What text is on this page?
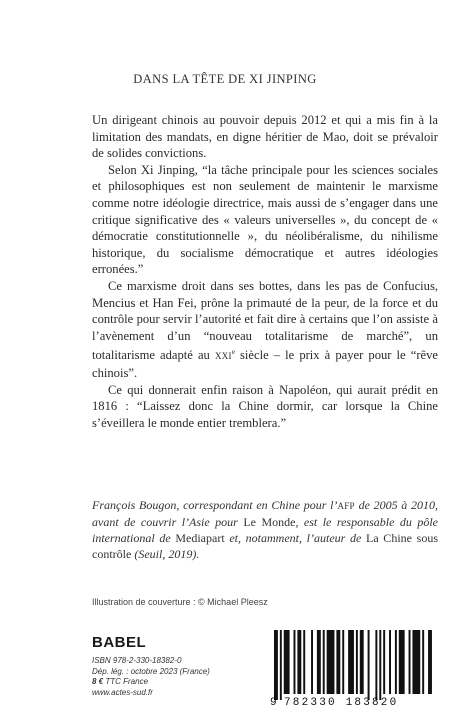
DANS LA TÊTE DE XI JINPING

Un dirigeant chinois au pouvoir depuis 2012 et qui a mis fin à la limitation des mandats, en digne héritier de Mao, doit se prévaloir de solides convictions.

Selon Xi Jinping, “la tâche principale pour les sciences sociales et philosophiques est non seulement de maintenir le marxisme comme notre idéologie directrice, mais aussi de s’engager dans une critique significative des « valeurs universelles », du concept de « démocratie constitutionnelle », du néolibéralisme, du nihilisme historique, du socialisme démocratique et autres idéologies erronées.”

Ce marxisme droit dans ses bottes, dans les pas de Confucius, Mencius et Han Fei, prône la primauté de la peur, de la force et du contrôle pour servir l’autorité et fait dire à certains que l’on assiste à l’avènement d’un “nouveau totalitarisme de marché”, un totalitarisme adapté au XXIe siècle – le prix à payer pour le “rêve chinois”.

Ce qui donnerait enfin raison à Napoléon, qui aurait prédit en 1816 : “Laissez donc la Chine dormir, car lorsque la Chine s’éveillera le monde entier tremblera.”

François Bougon, correspondant en Chine pour l’AFP de 2005 à 2010, avant de couvrir l’Asie pour Le Monde, est le responsable du pôle international de Mediapart et, notamment, l’auteur de La Chine sous contrôle (Seuil, 2019).
Illustration de couverture : © Michael Pleesz
BABEL
ISBN 978-2-330-18382-0
Dép. lég. : octobre 2023 (France)
8 € TTC France
www.actes-sud.fr
9 782330 183820
